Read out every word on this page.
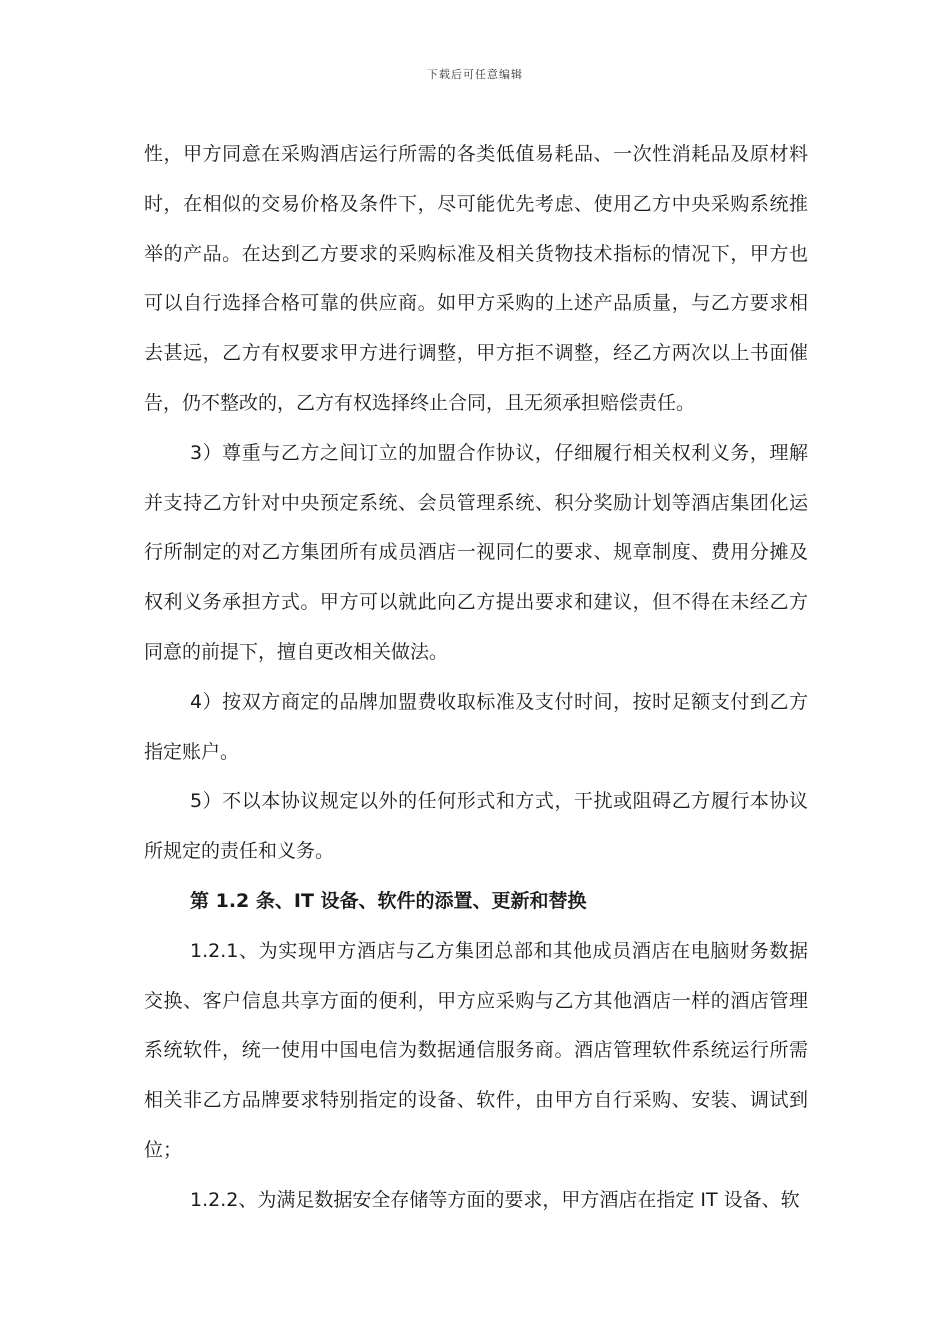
下载后可任意编辑

性，甲方同意在采购酒店运行所需的各类低值易耗品、一次性消耗品及原材料时，在相似的交易价格及条件下，尽可能优先考虑、使用乙方中央采购系统推举的产品。在达到乙方要求的采购标准及相关货物技术指标的情况下，甲方也可以自行选择合格可靠的供应商。如甲方采购的上述产品质量，与乙方要求相去甚远，乙方有权要求甲方进行调整，甲方拒不调整，经乙方两次以上书面催告，仍不整改的，乙方有权选择终止合同，且无须承担赔偿责任。

3）尊重与乙方之间订立的加盟合作协议，仔细履行相关权利义务，理解并支持乙方针对中央预定系统、会员管理系统、积分奖励计划等酒店集团化运行所制定的对乙方集团所有成员酒店一视同仁的要求、规章制度、费用分摊及权利义务承担方式。甲方可以就此向乙方提出要求和建议，但不得在未经乙方同意的前提下，擅自更改相关做法。

4）按双方商定的品牌加盟费收取标准及支付时间，按时足额支付到乙方指定账户。

5）不以本协议规定以外的任何形式和方式，干扰或阻碍乙方履行本协议所规定的责任和义务。

第 1.2 条、IT 设备、软件的添置、更新和替换

1.2.1、为实现甲方酒店与乙方集团总部和其他成员酒店在电脑财务数据交换、客户信息共享方面的便利，甲方应采购与乙方其他酒店一样的酒店管理系统软件，统一使用中国电信为数据通信服务商。酒店管理软件系统运行所需相关非乙方品牌要求特别指定的设备、软件，由甲方自行采购、安装、调试到位；

1.2.2、为满足数据安全存储等方面的要求，甲方酒店在指定 IT 设备、软
